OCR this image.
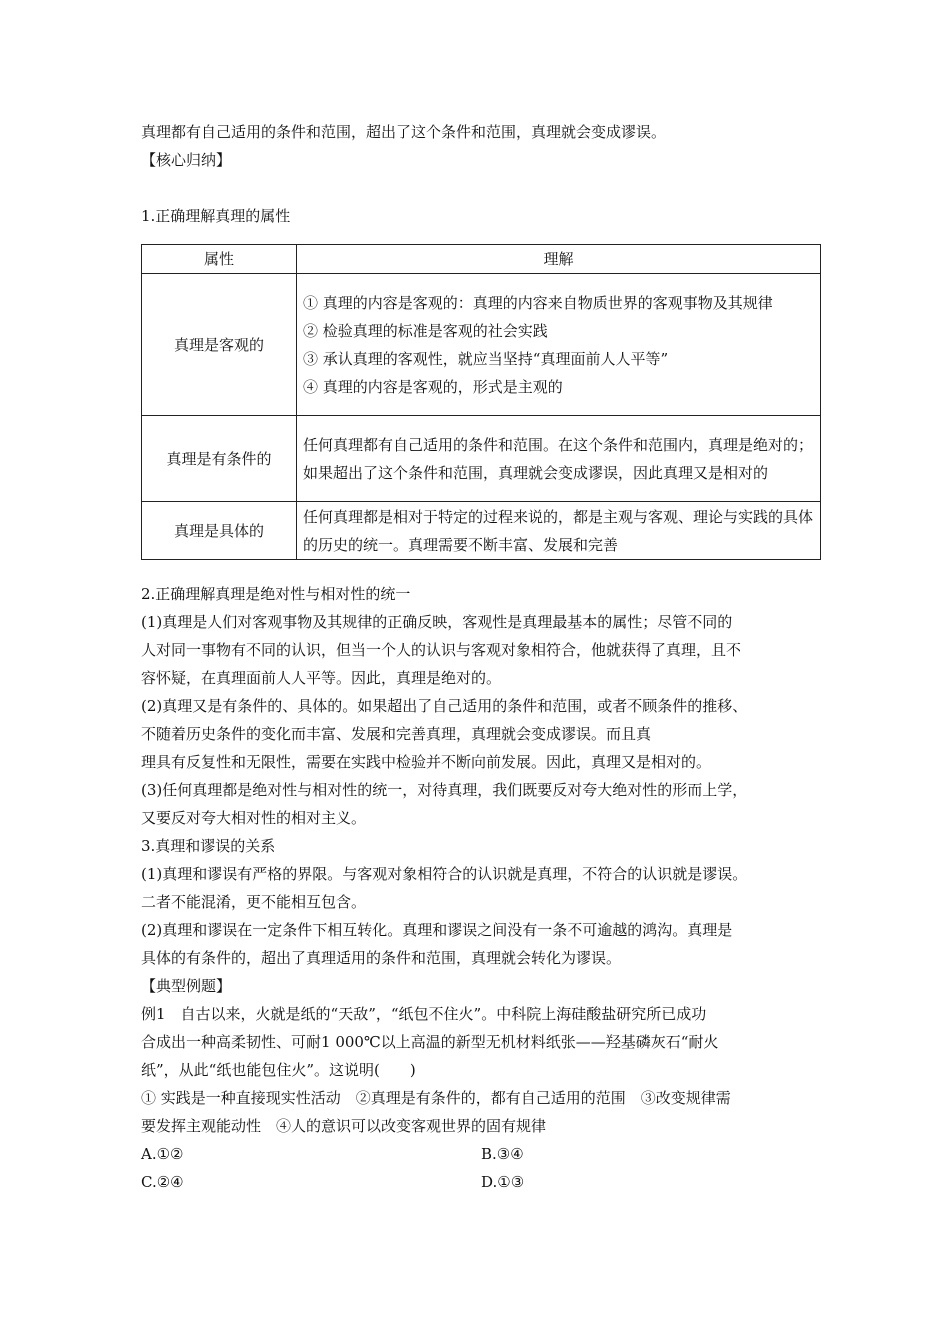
真理都有自己适用的条件和范围，超出了这个条件和范围，真理就会变成谬误。

【核心归纳】

1.正确理解真理的属性

属性	理解
真理是客观的	① 真理的内容是客观的：真理的内容来自物质世界的客观事物及其规律
② 检验真理的标准是客观的社会实践
③ 承认真理的客观性，就应当坚持“真理面前人人平等”
④ 真理的内容是客观的，形式是主观的

真理是有条件的	任何真理都有自己适用的条件和范围。在这个条件和范围内，真理是绝对的；如果超出了这个条件和范围，真理就会变成谬误，因此真理又是相对的
真理是具体的	任何真理都是相对于特定的过程来说的，都是主观与客观、理论与实践的具体的历史的统一。真理需要不断丰富、发展和完善

2.正确理解真理是绝对性与相对性的统一

(1)真理是人们对客观事物及其规律的正确反映，客观性是真理最基本的属性；尽管不同的

人对同一事物有不同的认识，但当一个人的认识与客观对象相符合，他就获得了真理，且不

容怀疑，在真理面前人人平等。因此，真理是绝对的。

(2)真理又是有条件的、具体的。如果超出了自己适用的条件和范围，或者不顾条件的推移、

不随着历史条件的变化而丰富、发展和完善真理，真理就会变成谬误。而且真

理具有反复性和无限性，需要在实践中检验并不断向前发展。因此，真理又是相对的。

(3)任何真理都是绝对性与相对性的统一，对待真理，我们既要反对夸大绝对性的形而上学，

又要反对夸大相对性的相对主义。

3.真理和谬误的关系

(1)真理和谬误有严格的界限。与客观对象相符合的认识就是真理，不符合的认识就是谬误。

二者不能混淆，更不能相互包含。

(2)真理和谬误在一定条件下相互转化。真理和谬误之间没有一条不可逾越的鸿沟。真理是

具体的有条件的，超出了真理适用的条件和范围，真理就会转化为谬误。

【典型例题】

例1　自古以来，火就是纸的“天敌”，“纸包不住火”。中科院上海硅酸盐研究所已成功

合成出一种高柔韧性、可耐1 000℃以上高温的新型无机材料纸张——羟基磷灰石“耐火

纸”，从此“纸也能包住火”。这说明(　　)

① 实践是一种直接现实性活动　②真理是有条件的，都有自己适用的范围　③改变规律需

要发挥主观能动性　④人的意识可以改变客观世界的固有规律

A.①②	B.③④

C.②④	D.①③
